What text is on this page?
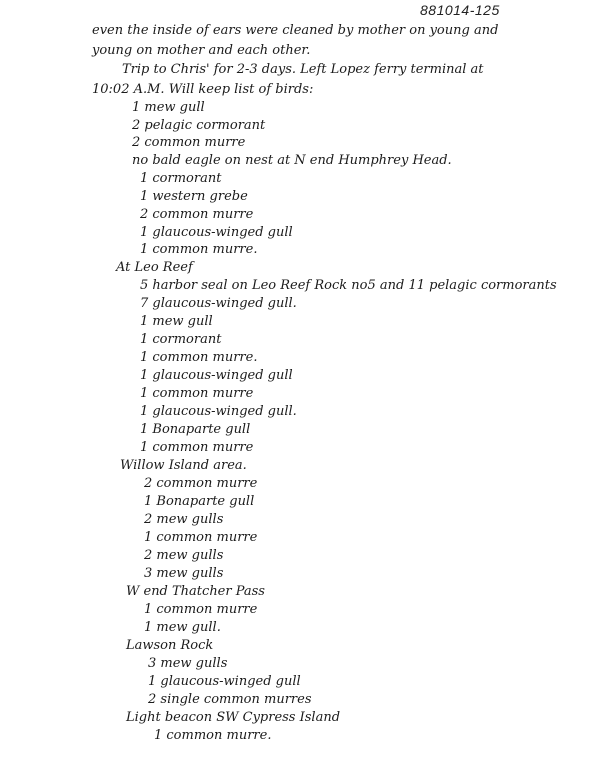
881014-125
even the inside of ears were cleaned by mother on young and
young on mother and each other.
Trip to Chris' for 2-3 days. Left Lopez ferry terminal at
10:02 A.M. Will keep list of birds:
1 mew gull
2 pelagic cormorant
2 common murre
no bald eagle on nest at N end Humphrey Head.
1 cormorant
1 western grebe
2 common murre
1 glaucous-winged gull
1 common murre.
At Leo Reef
5 harbor seal on Leo Reef Rock no5 and 11 pelagic cormorants
7 glaucous-winged gull.
1 mew gull
1 cormorant
1 common murre.
1 glaucous-winged gull
1 common murre
1 glaucous-winged gull.
1 Bonaparte gull
1 common murre
Willow Island area.
2 common murre
1 Bonaparte gull
2 mew gulls
1 common murre
2 mew gulls
3 mew gulls
W end Thatcher Pass
1 common murre
1 mew gull.
Lawson Rock
3 mew gulls
1 glaucous-winged gull
2 single common murres
Light beacon SW Cypress Island
1 common murre.
